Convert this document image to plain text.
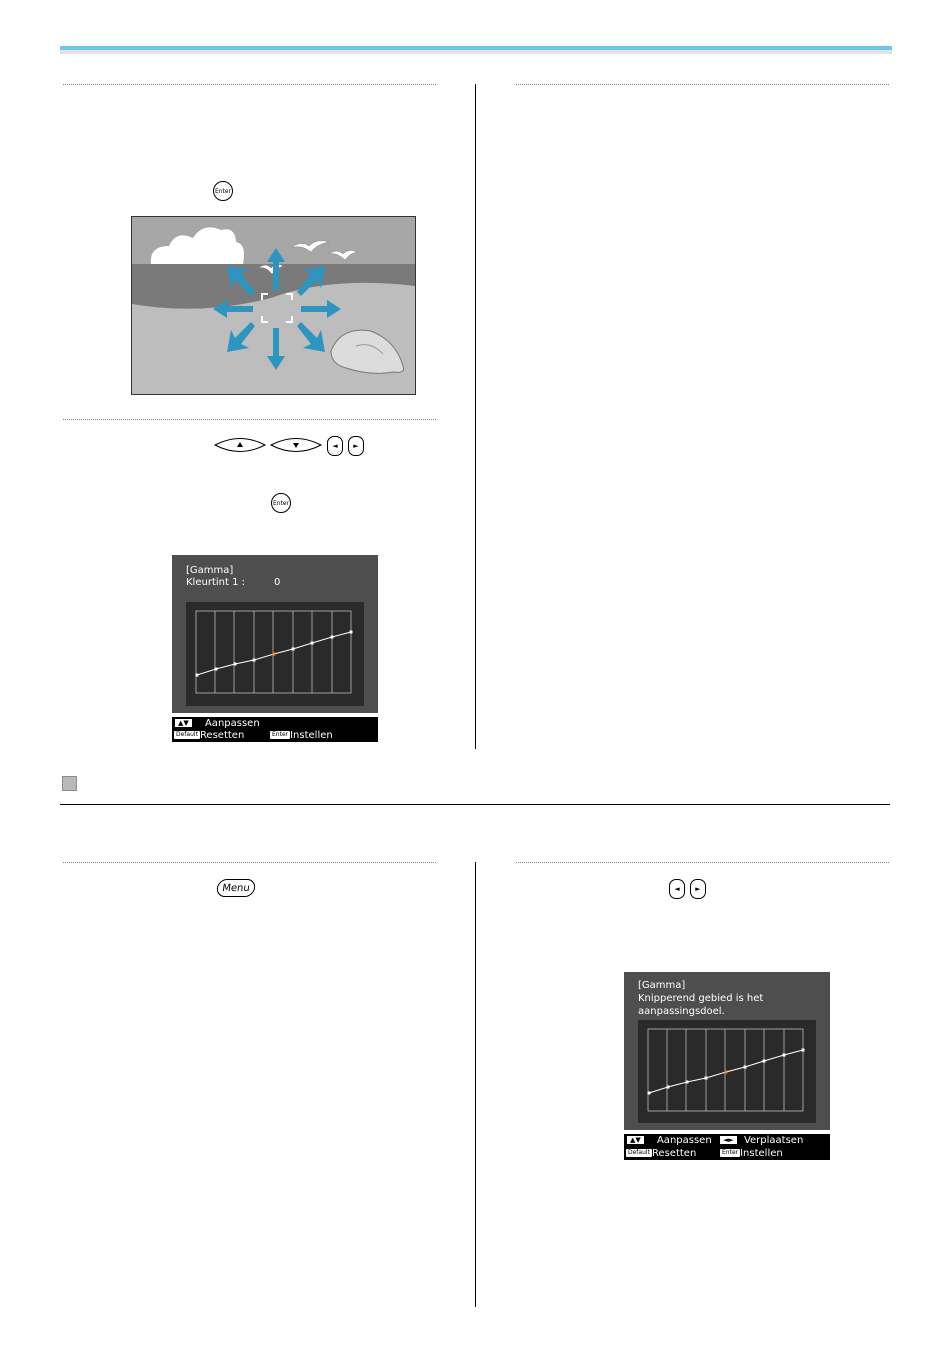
Enter
◄ ►
Enter
[Gamma]
Kleurtint 1 :	0
▲▼ Aanpassen
Default Resetten	Enter Instellen
Menu	◄ ►
[Gamma]
Knipperend gebied is het
aanpassingsdoel.
▲▼ Aanpassen	◄► Verplaatsen
Default Resetten	Enter Instellen
